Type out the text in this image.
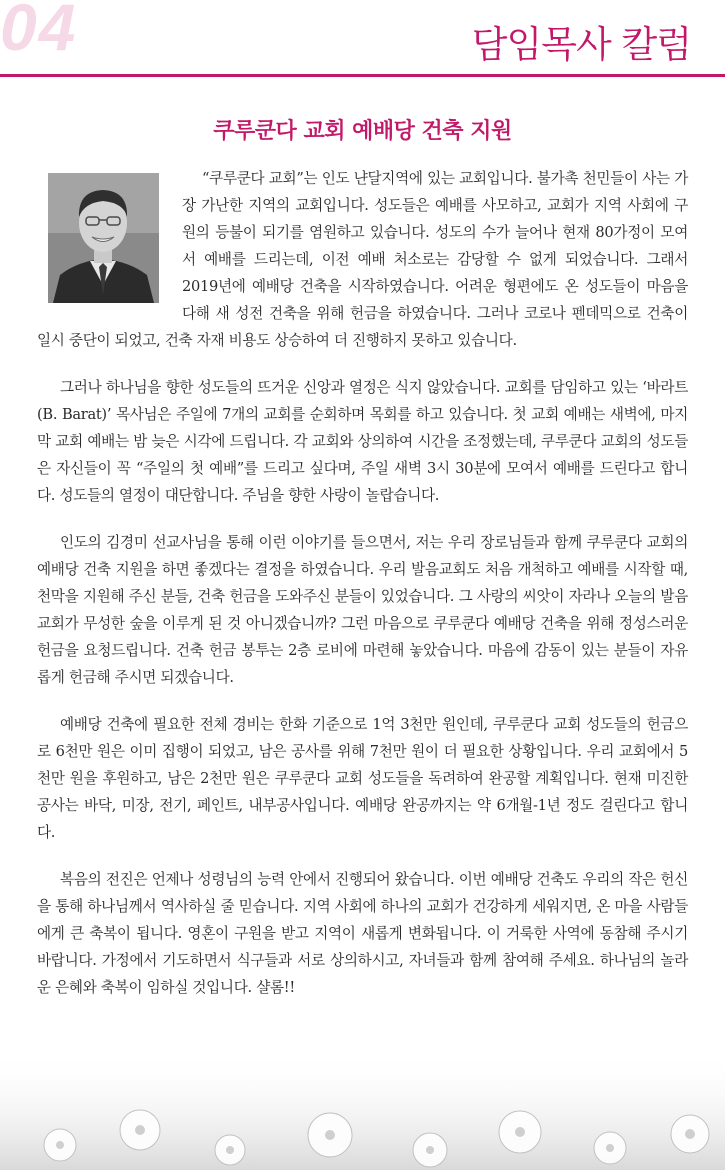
04	담임목사 칼럼
쿠루쿤다 교회 예배당 건축 지원

“쿠루쿤다 교회”는 인도 냔달지역에 있는 교회입니다. 불가촉 천민들이 사는 가장 가난한 지역의 교회입니다. 성도들은 예배를 사모하고, 교회가 지역 사회에 구원의 등불이 되기를 염원하고 있습니다. 성도의 수가 늘어나 현재 80가정이 모여서 예배를 드리는데, 이전 예배 처소로는 감당할 수 없게 되었습니다. 그래서 2019년에 예배당 건축을 시작하였습니다. 어려운 형편에도 온 성도들이 마음을 다해 새 성전 건축을 위해 헌금을 하였습니다. 그러나 코로나 펜데믹으로 건축이 일시 중단이 되었고, 건축 자재 비용도 상승하여 더 진행하지 못하고 있습니다.

그러나 하나님을 향한 성도들의 뜨거운 신앙과 열정은 식지 않았습니다. 교회를 담임하고 있는 ‘바라트(B. Barat)’ 목사님은 주일에 7개의 교회를 순회하며 목회를 하고 있습니다. 첫 교회 예배는 새벽에, 마지막 교회 예배는 밤 늦은 시각에 드립니다. 각 교회와 상의하여 시간을 조정했는데, 쿠루쿤다 교회의 성도들은 자신들이 꼭 “주일의 첫 예배”를 드리고 싶다며, 주일 새벽 3시 30분에 모여서 예배를 드린다고 합니다. 성도들의 열정이 대단합니다. 주님을 향한 사랑이 놀랍습니다.

인도의 김경미 선교사님을 통해 이런 이야기를 들으면서, 저는 우리 장로님들과 함께 쿠루쿤다 교회의 예배당 건축 지원을 하면 좋겠다는 결정을 하였습니다. 우리 발음교회도 처음 개척하고 예배를 시작할 때, 천막을 지원해 주신 분들, 건축 헌금을 도와주신 분들이 있었습니다. 그 사랑의 씨앗이 자라나 오늘의 발음교회가 무성한 숲을 이루게 된 것 아니겠습니까? 그런 마음으로 쿠루쿤다 예배당 건축을 위해 정성스러운 헌금을 요청드립니다. 건축 헌금 봉투는 2층 로비에 마련해 놓았습니다. 마음에 감동이 있는 분들이 자유롭게 헌금해 주시면 되겠습니다.

예배당 건축에 필요한 전체 경비는 한화 기준으로 1억 3천만 원인데, 쿠루쿤다 교회 성도들의 헌금으로 6천만 원은 이미 집행이 되었고, 남은 공사를 위해 7천만 원이 더 필요한 상황입니다. 우리 교회에서 5천만 원을 후원하고, 남은 2천만 원은 쿠루쿤다 교회 성도들을 독려하여 완공할 계획입니다. 현재 미진한 공사는 바닥, 미장, 전기, 페인트, 내부공사입니다. 예배당 완공까지는 약 6개월-1년 정도 걸린다고 합니다.

복음의 전진은 언제나 성령님의 능력 안에서 진행되어 왔습니다. 이번 예배당 건축도 우리의 작은 헌신을 통해 하나님께서 역사하실 줄 믿습니다. 지역 사회에 하나의 교회가 건강하게 세워지면, 온 마을 사람들에게 큰 축복이 됩니다. 영혼이 구원을 받고 지역이 새롭게 변화됩니다. 이 거룩한 사역에 동참해 주시기 바랍니다. 가정에서 기도하면서 식구들과 서로 상의하시고, 자녀들과 함께 참여해 주세요. 하나님의 놀라운 은혜와 축복이 임하실 것입니다. 샬롬!!
